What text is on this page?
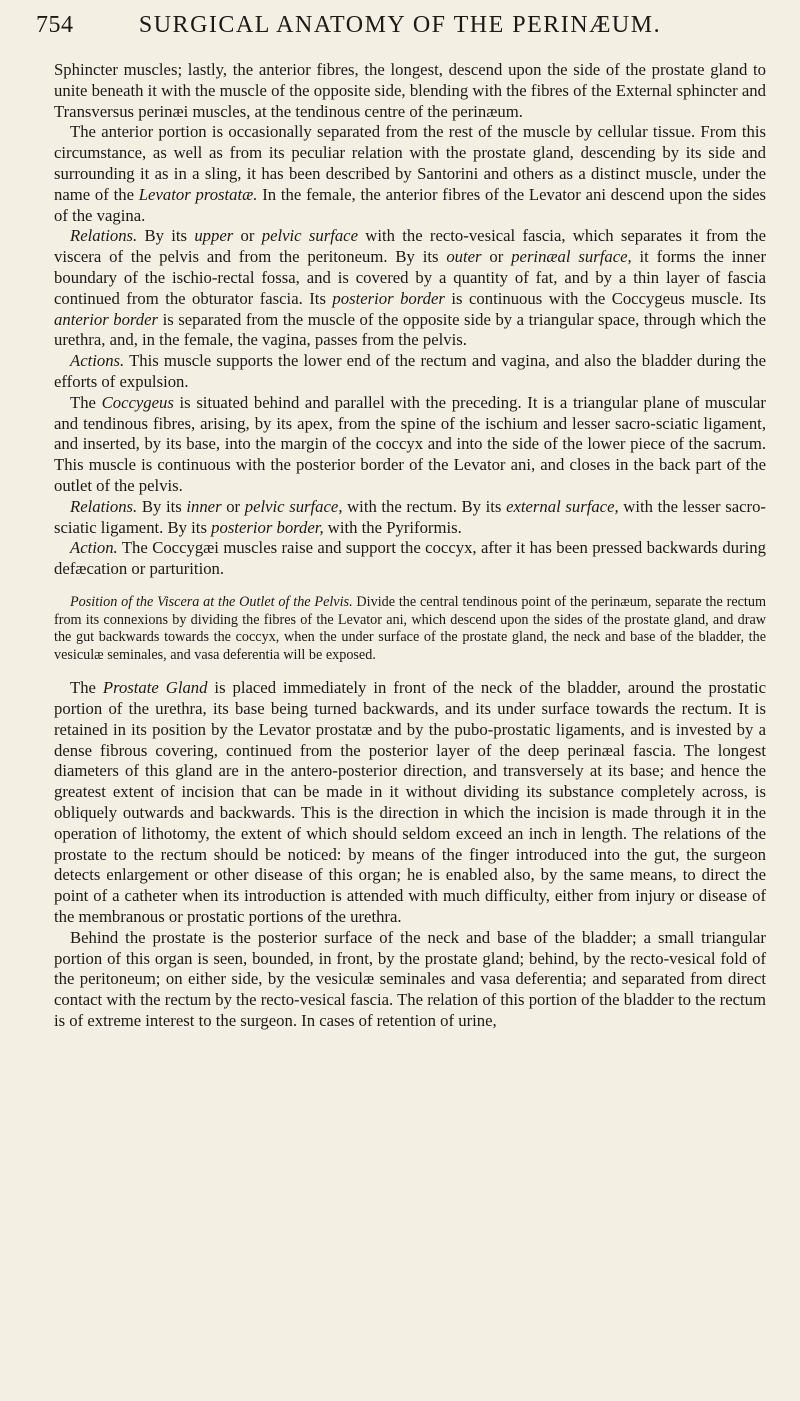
754	SURGICAL ANATOMY OF THE PERINÆUM.

Sphincter muscles; lastly, the anterior fibres, the longest, descend upon the side of the prostate gland to unite beneath it with the muscle of the opposite side, blending with the fibres of the External sphincter and Transversus perinæi muscles, at the tendinous centre of the perinæum.

The anterior portion is occasionally separated from the rest of the muscle by cellular tissue. From this circumstance, as well as from its peculiar relation with the prostate gland, descending by its side and surrounding it as in a sling, it has been described by Santorini and others as a distinct muscle, under the name of the Levator prostatæ. In the female, the anterior fibres of the Levator ani descend upon the sides of the vagina.

Relations. By its upper or pelvic surface with the recto-vesical fascia, which separates it from the viscera of the pelvis and from the peritoneum. By its outer or perinæal surface, it forms the inner boundary of the ischio-rectal fossa, and is covered by a quantity of fat, and by a thin layer of fascia continued from the obturator fascia. Its posterior border is continuous with the Coccygeus muscle. Its anterior border is separated from the muscle of the opposite side by a triangular space, through which the urethra, and, in the female, the vagina, passes from the pelvis.

Actions. This muscle supports the lower end of the rectum and vagina, and also the bladder during the efforts of expulsion.

The Coccygeus is situated behind and parallel with the preceding. It is a triangular plane of muscular and tendinous fibres, arising, by its apex, from the spine of the ischium and lesser sacro-sciatic ligament, and inserted, by its base, into the margin of the coccyx and into the side of the lower piece of the sacrum. This muscle is continuous with the posterior border of the Levator ani, and closes in the back part of the outlet of the pelvis.

Relations. By its inner or pelvic surface, with the rectum. By its external surface, with the lesser sacro-sciatic ligament. By its posterior border, with the Pyriformis.

Action. The Coccygæi muscles raise and support the coccyx, after it has been pressed backwards during defæcation or parturition.

Position of the Viscera at the Outlet of the Pelvis. Divide the central tendinous point of the perinæum, separate the rectum from its connexions by dividing the fibres of the Levator ani, which descend upon the sides of the prostate gland, and draw the gut backwards towards the coccyx, when the under surface of the prostate gland, the neck and base of the bladder, the vesiculæ seminales, and vasa deferentia will be exposed.

The Prostate Gland is placed immediately in front of the neck of the bladder, around the prostatic portion of the urethra, its base being turned backwards, and its under surface towards the rectum. It is retained in its position by the Levator prostatæ and by the pubo-prostatic ligaments, and is invested by a dense fibrous covering, continued from the posterior layer of the deep perinæal fascia. The longest diameters of this gland are in the antero-posterior direction, and transversely at its base; and hence the greatest extent of incision that can be made in it without dividing its substance completely across, is obliquely outwards and backwards. This is the direction in which the incision is made through it in the operation of lithotomy, the extent of which should seldom exceed an inch in length. The relations of the prostate to the rectum should be noticed: by means of the finger introduced into the gut, the surgeon detects enlargement or other disease of this organ; he is enabled also, by the same means, to direct the point of a catheter when its introduction is attended with much difficulty, either from injury or disease of the membranous or prostatic portions of the urethra.

Behind the prostate is the posterior surface of the neck and base of the bladder; a small triangular portion of this organ is seen, bounded, in front, by the prostate gland; behind, by the recto-vesical fold of the peritoneum; on either side, by the vesiculæ seminales and vasa deferentia; and separated from direct contact with the rectum by the recto-vesical fascia. The relation of this portion of the bladder to the rectum is of extreme interest to the surgeon. In cases of retention of urine,
